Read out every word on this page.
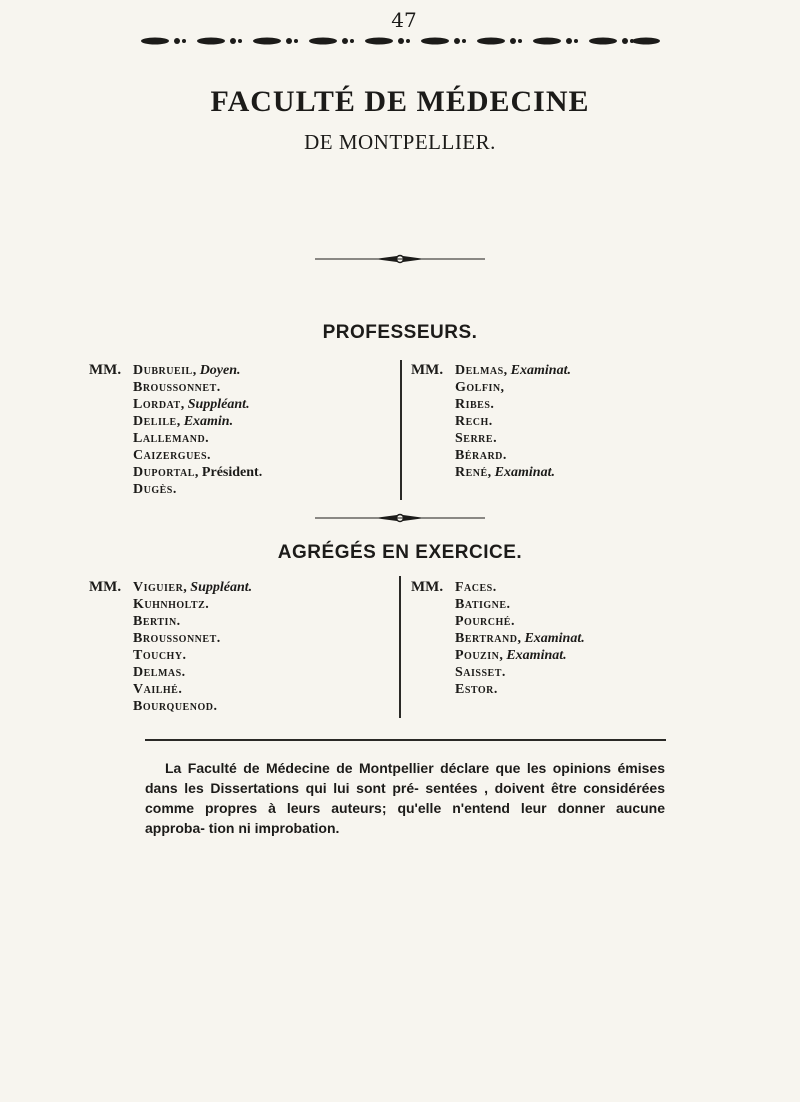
47
FACULTÉ DE MÉDECINE
DE MONTPELLIER.
PROFESSEURS.
MM. Dubrueil, Doyen.
Broussonnet.
Lordat, Suppléant.
Delile, Examin.
Lallemand.
Caizergues.
Duportal, Président.
Dugès.
MM. Delmas, Examinat.
Golfin,
Ribes.
Rech.
Serre.
Bérard.
René, Examinat.
AGRÉGÉS EN EXERCICE.
MM. Viguier, Suppléant.
Kuhnholtz.
Bertin.
Broussonnet.
Touchy.
Delmas.
Vailhé.
Bourquenod.
MM. Faces.
Batigne.
Pourché.
Bertrand, Examinat.
Pouzin, Examinat.
Saisset.
Estor.
La Faculté de Médecine de Montpellier déclare que les opinions émises dans les Dissertations qui lui sont pré- sentées , doivent être considérées comme propres à leurs auteurs; qu'elle n'entend leur donner aucune approba- tion ni improbation.
